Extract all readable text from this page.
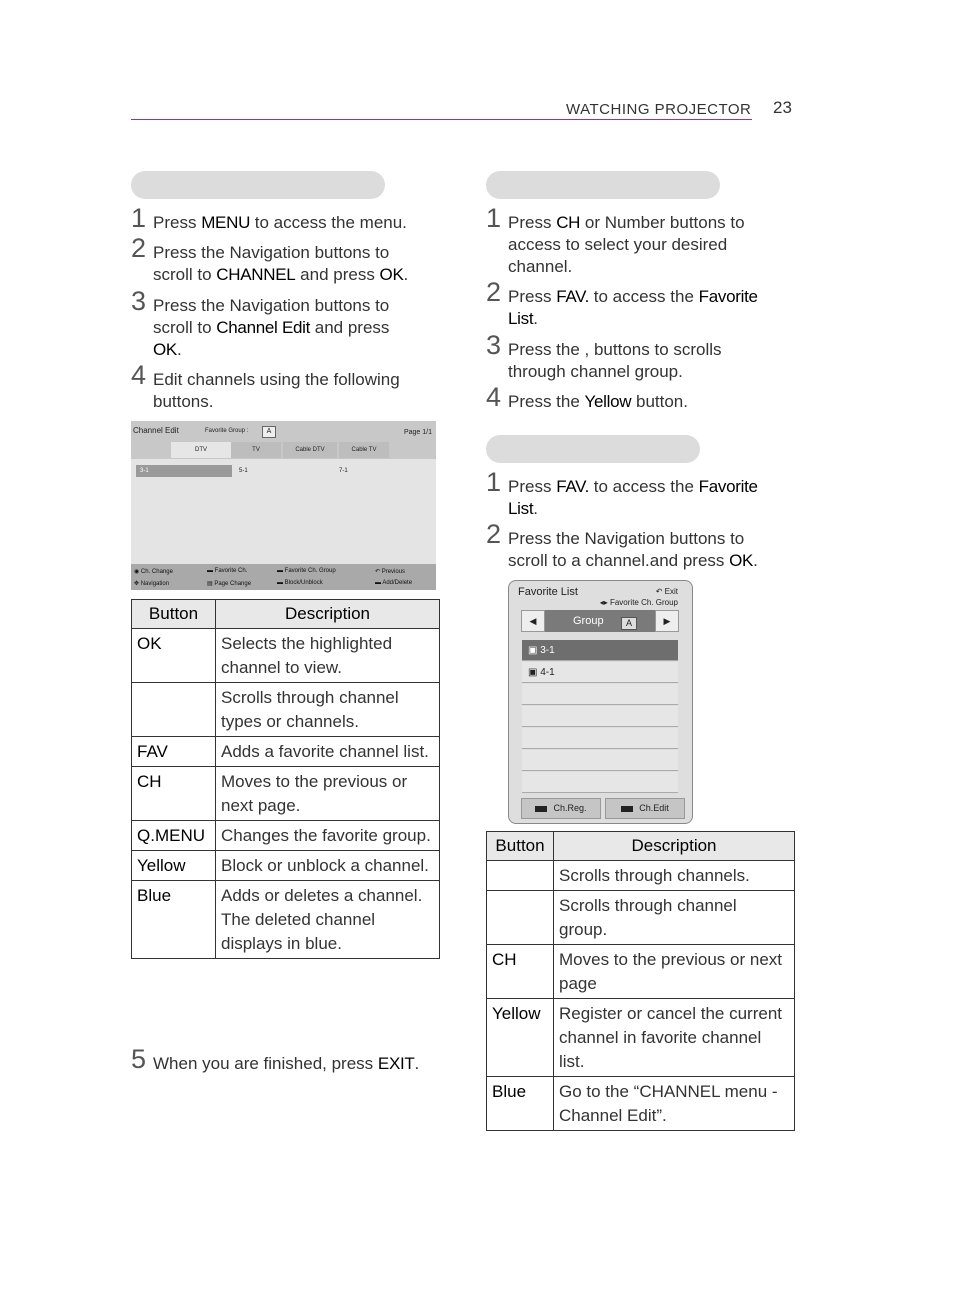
WATCHING PROJECTOR 23
Channel Edit	Favorite Group :	A	Page 1/1
DTV	TV	Cable DTV	Cable TV
3-1	5-1	7-1
◉ Ch. Change	▬ Favorite Ch.	▬ Favorite Ch. Group	↶ Previous
✥ Navigation	▤ Page Change	▬ Block/Unblock	▬ Add/Delete
Favorite List	↶ Exit
◂▸ Favorite Ch. Group
◀	Group	A	▶
▣ 3-1
▣ 4-1
Ch.Reg.	Ch.Edit
Button	Description
OK	Selects the highlighted channel to view.
	Scrolls through channel types or channels.
FAV	Adds a favorite channel list.
CH	Moves to the previous or next page.
Q.MENU	Changes the favorite group.
Yellow	Block or unblock a channel.
Blue	Adds or deletes a channel. The deleted channel displays in blue.
Button	Description
	Scrolls through channels.
	Scrolls through channel group.
CH	Moves to the previous or next page
Yellow	Register or cancel the current channel in favorite channel list.
Blue	Go to the “CHANNEL menu - Channel Edit”.
1 Press MENU to access the menu.
2 Press the Navigation buttons to scroll to CHANNEL and press OK.
3 Press the Navigation buttons to scroll to Channel Edit and press OK.
4 Edit channels using the following buttons.
5 When you are finished, press EXIT.
1 Press CH or Number buttons to access to select your desired channel.
2 Press FAV. to access the Favorite List.
3 Press the , buttons to scrolls through channel group.
4 Press the Yellow button.
1 Press FAV. to access the Favorite List.
2 Press the Navigation buttons to scroll to a channel.and press OK.
